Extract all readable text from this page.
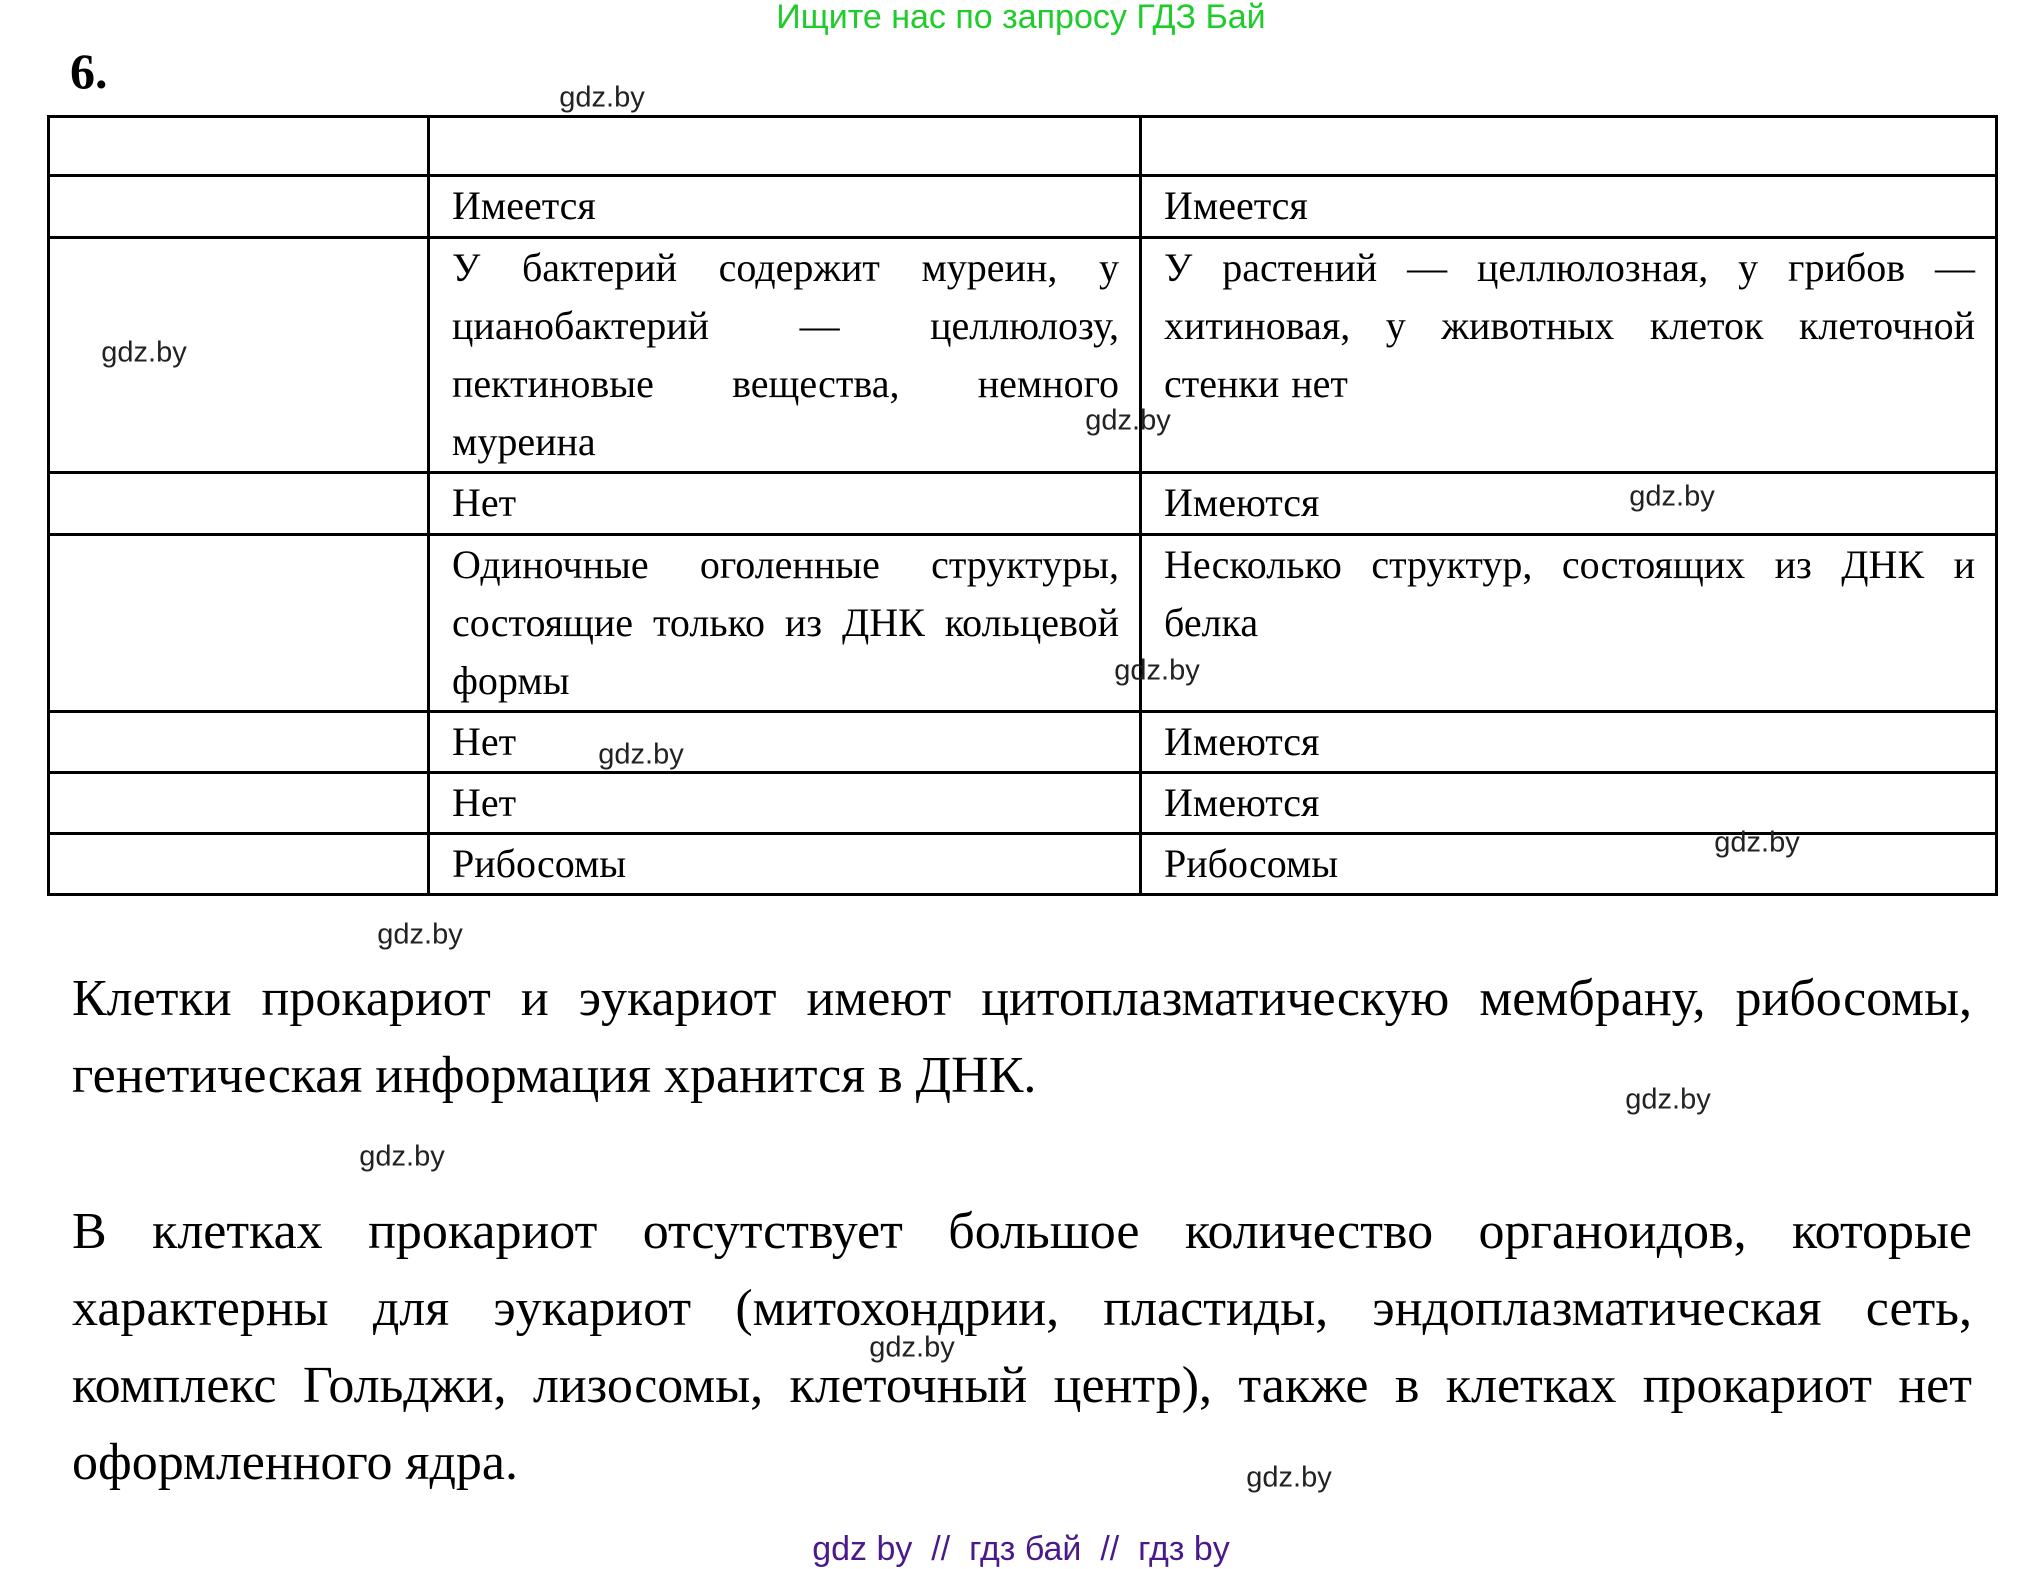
Ищите нас по запросу ГДЗ Бай
6.

	Имеется	Имеется
	У бактерий содержит муреин, у цианобактерий — целлюлозу, пектиновые вещества, немного муреина	У растений — целлюлозная, у грибов — хитиновая, у животных клеток клеточной стенки нет
	Нет	Имеются
	Одиночные оголенные структуры, состоящие только из ДНК кольцевой формы	Несколько структур, состоящих из ДНК и белка
	Нет	Имеются
	Нет	Имеются
	Рибосомы	Рибосомы
Клетки прокариот и эукариот имеют цитоплазматическую мембрану, рибосомы, генетическая информация хранится в ДНК.
В клетках прокариот отсутствует большое количество органоидов, которые характерны для эукариот (митохондрии, пластиды, эндоплазматическая сеть, комплекс Гольджи, лизосомы, клеточный центр), также в клетках прокариот нет оформленного ядра.
gdz.by
gdz.by
gdz.by
gdz.by
gdz.by
gdz.by
gdz.by
gdz.by
gdz.by
gdz.by
gdz.by
gdz.by
gdz by  //  гдз бай  //  гдз by
